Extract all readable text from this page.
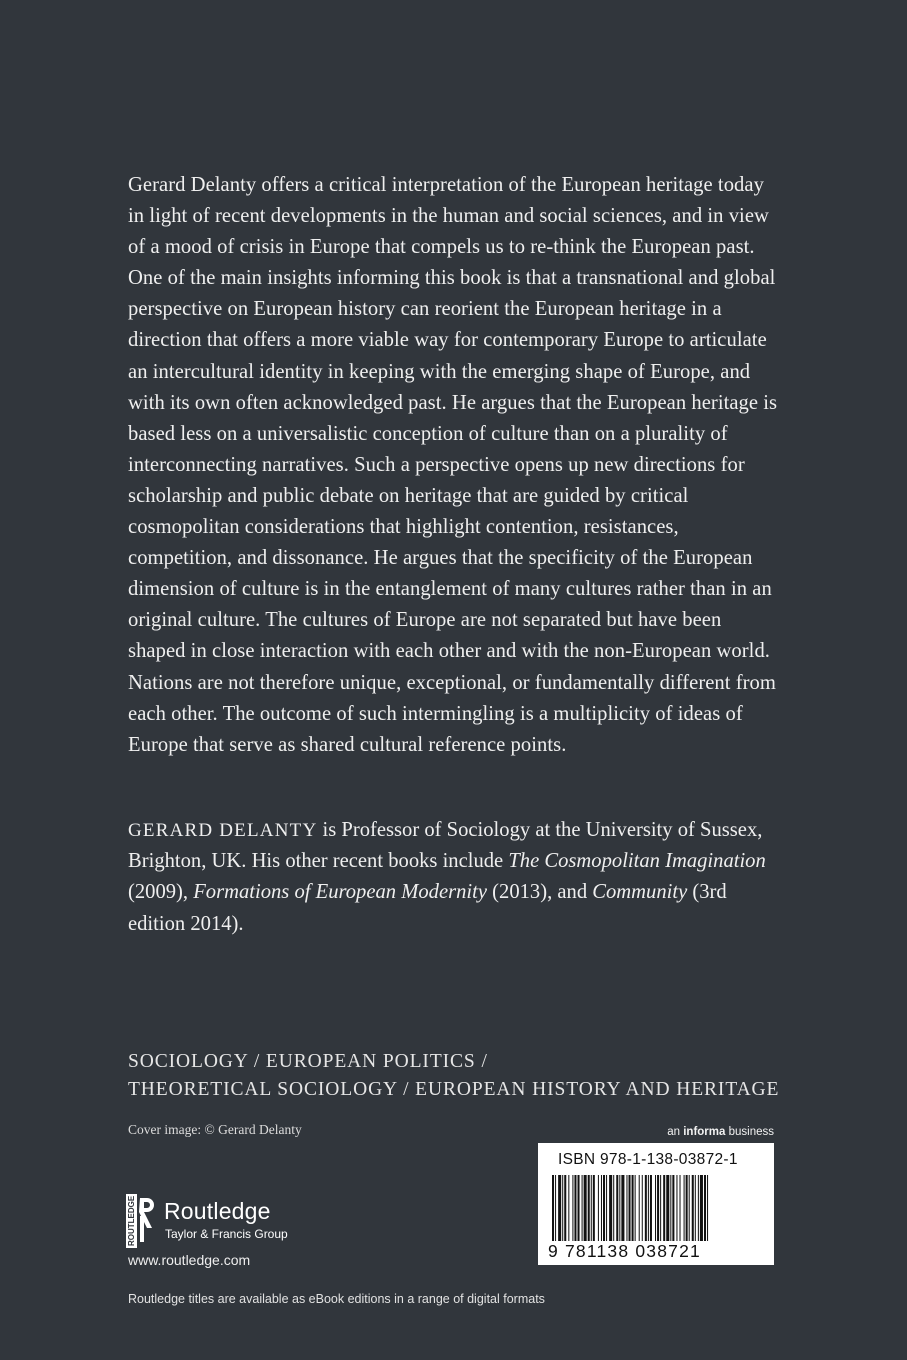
Gerard Delanty offers a critical interpretation of the European heritage today in light of recent developments in the human and social sciences, and in view of a mood of crisis in Europe that compels us to re-think the European past. One of the main insights informing this book is that a transnational and global perspective on European history can reorient the European heritage in a direction that offers a more viable way for contemporary Europe to articulate an intercultural identity in keeping with the emerging shape of Europe, and with its own often acknowledged past. He argues that the European heritage is based less on a universalistic conception of culture than on a plurality of interconnecting narratives. Such a perspective opens up new directions for scholarship and public debate on heritage that are guided by critical cosmopolitan considerations that highlight contention, resistances, competition, and dissonance. He argues that the specificity of the European dimension of culture is in the entanglement of many cultures rather than in an original culture. The cultures of Europe are not separated but have been shaped in close interaction with each other and with the non-European world. Nations are not therefore unique, exceptional, or fundamentally different from each other. The outcome of such intermingling is a multiplicity of ideas of Europe that serve as shared cultural reference points.

GERARD DELANTY is Professor of Sociology at the University of Sussex, Brighton, UK. His other recent books include The Cosmopolitan Imagination (2009), Formations of European Modernity (2013), and Community (3rd edition 2014).

SOCIOLOGY / EUROPEAN POLITICS /
THEORETICAL SOCIOLOGY / EUROPEAN HISTORY AND HERITAGE
Cover image: © Gerard Delanty	an informa business
ISBN 978-1-138-03872-1
9 781138 038721
ROUTLEDGE Routledge
Taylor & Francis Group
www.routledge.com
Routledge titles are available as eBook editions in a range of digital formats
